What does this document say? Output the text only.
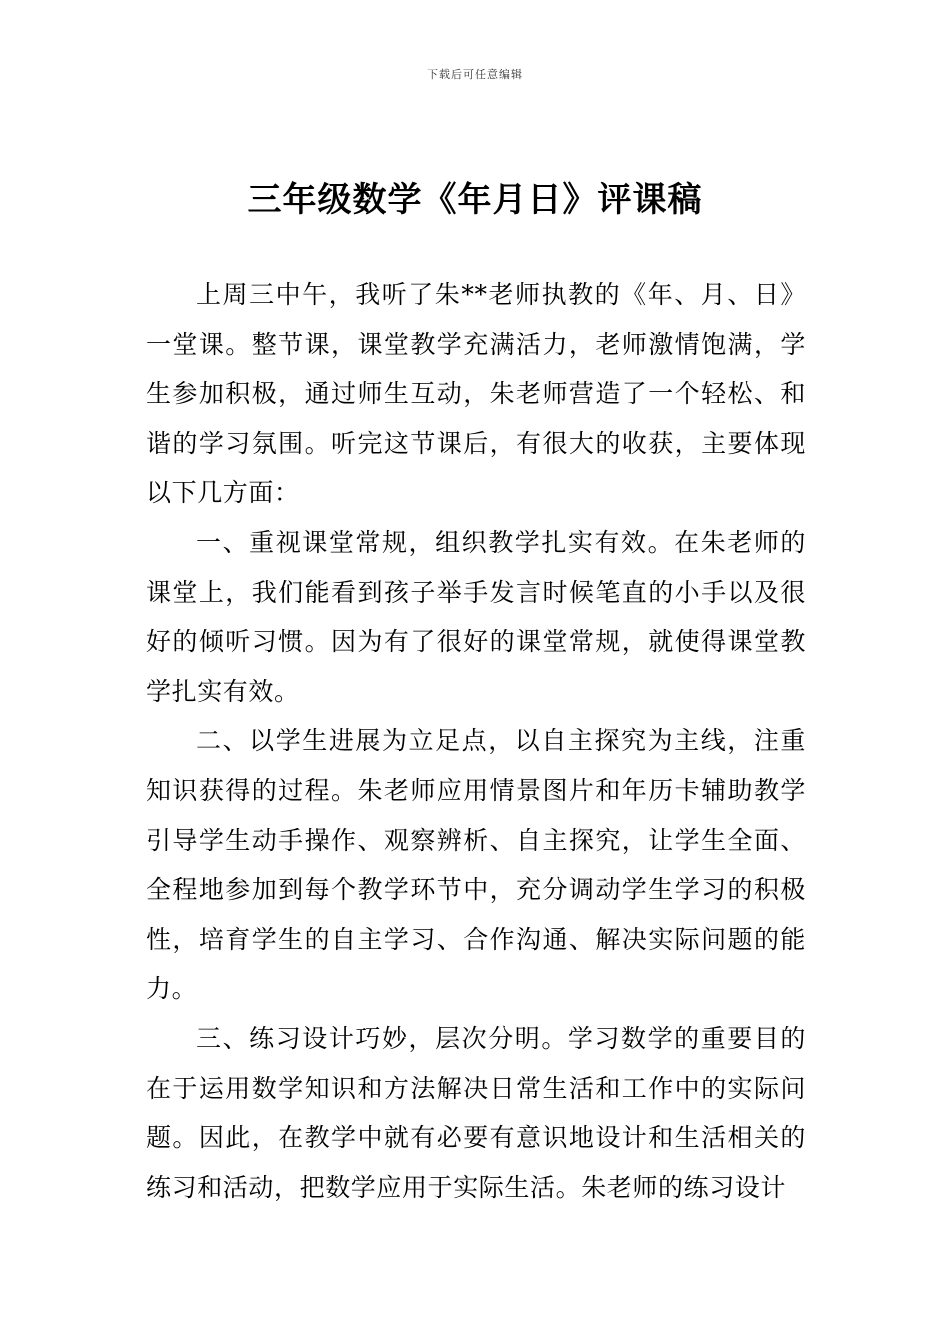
下载后可任意编辑
三年级数学《年月日》评课稿

上周三中午，我听了朱**老师执教的《年、月、日》一堂课。整节课，课堂教学充满活力，老师激情饱满，学生参加积极，通过师生互动，朱老师营造了一个轻松、和谐的学习氛围。听完这节课后，有很大的收获，主要体现以下几方面：

一、重视课堂常规，组织教学扎实有效。在朱老师的课堂上，我们能看到孩子举手发言时候笔直的小手以及很好的倾听习惯。因为有了很好的课堂常规，就使得课堂教学扎实有效。

二、以学生进展为立足点，以自主探究为主线，注重知识获得的过程。朱老师应用情景图片和年历卡辅助教学引导学生动手操作、观察辨析、自主探究，让学生全面、全程地参加到每个教学环节中，充分调动学生学习的积极性，培育学生的自主学习、合作沟通、解决实际问题的能力。

三、练习设计巧妙，层次分明。学习数学的重要目的在于运用数学知识和方法解决日常生活和工作中的实际问题。因此，在教学中就有必要有意识地设计和生活相关的练习和活动，把数学应用于实际生活。朱老师的练习设计
